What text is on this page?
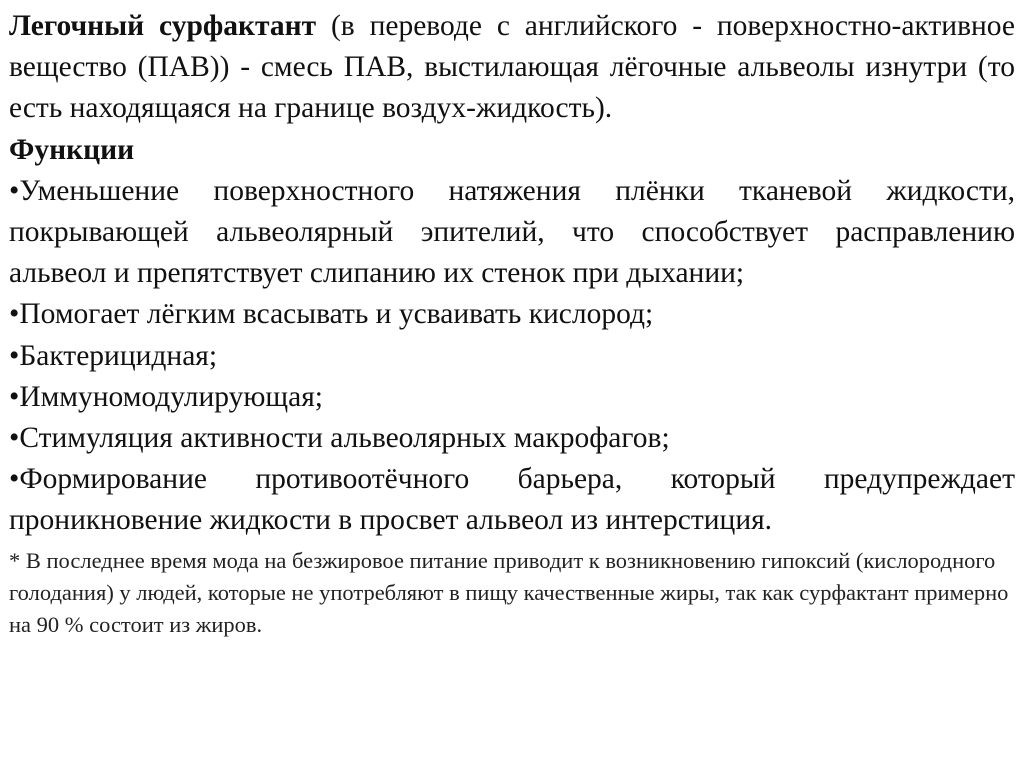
Легочный сурфактант (в переводе с английского - поверхностно-активное вещество (ПАВ)) - смесь ПАВ, выстилающая лёгочные альвеолы изнутри (то есть находящаяся на границе воздух-жидкость).

Функции

•Уменьшение поверхностного натяжения плёнки тканевой жидкости, покрывающей альвеолярный эпителий, что способствует расправлению альвеол и препятствует слипанию их стенок при дыхании;

•Помогает лёгким всасывать и усваивать кислород;

•Бактерицидная;

•Иммуномодулирующая;

•Стимуляция активности альвеолярных макрофагов;

•Формирование противоотёчного барьера, который предупреждает проникновение жидкости в просвет альвеол из интерстиция.

* В последнее время мода на безжировое питание приводит к возникновению гипоксий (кислородного голодания) у людей, которые не употребляют в пищу качественные жиры, так как сурфактант примерно на 90 % состоит из жиров.
